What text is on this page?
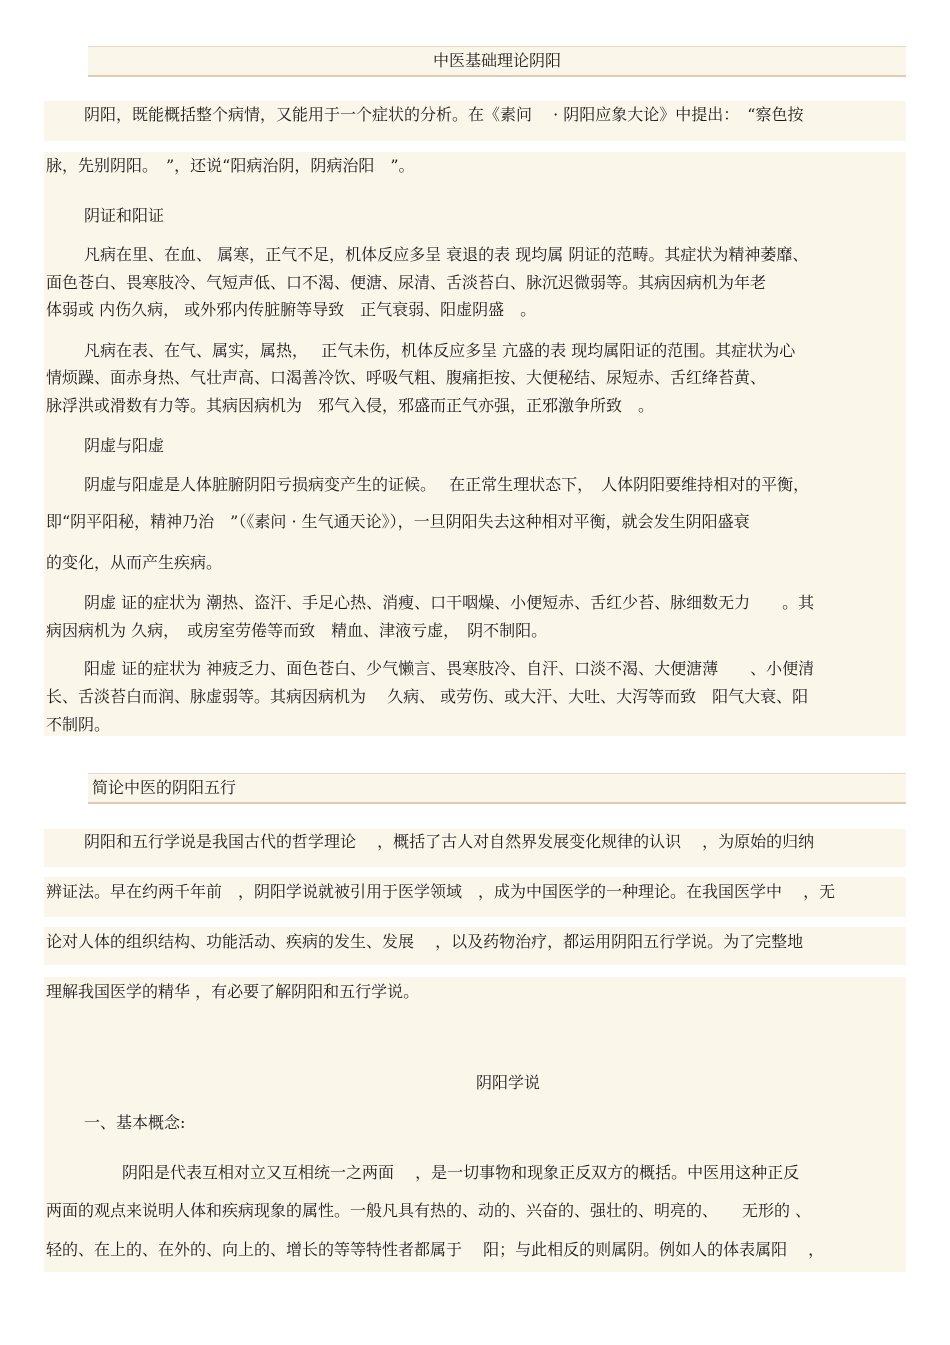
中医基础理论阴阳
阴阳，既能概括整个病情，又能用于一个症状的分析。在《素问　 · 阴阳应象大论》中提出：　“察色按
脉，先别阴阳。　”，还说“阳病治阴，阴病治阳　”。
阴证和阳证
凡病在里、在血、 属寒，正气不足，机体反应多呈 衰退的表 现均属 阴证的范畴。其症状为精神萎靡、
面色苍白、畏寒肢冷、气短声低、口不渴、便溏、尿清、舌淡苔白、脉沉迟微弱等。其病因病机为年老
体弱或 内伤久病， 或外邪内传脏腑等导致　正气衰弱、阳虚阴盛　。
凡病在表、在气、属实，属热，　 正气未伤，机体反应多呈 亢盛的表 现均属阳证的范围。其症状为心
情烦躁、面赤身热、气壮声高、口渴善冷饮、呼吸气粗、腹痛拒按、大便秘结、尿短赤、舌红绛苔黄、
脉浮洪或滑数有力等。其病因病机为　邪气入侵，邪盛而正气亦强，正邪激争所致　。
阴虚与阳虚
阴虚与阳虚是人体脏腑阴阳亏损病变产生的证候。　 在正常生理状态下，　人体阴阳要维持相对的平衡，
即“阴平阳秘，精神乃治　”（《素问 · 生气通天论》），一旦阴阳失去这种相对平衡，就会发生阴阳盛衰
的变化，从而产生疾病。
阴虚 证的症状为 潮热、盗汗、手足心热、消瘦、口干咽燥、小便短赤、舌红少苔、脉细数无力　　。其
病因病机为 久病，　或房室劳倦等而致　精血、津液亏虚，　阴不制阳。
阳虚 证的症状为 神疲乏力、面色苍白、少气懒言、畏寒肢冷、自汗、口淡不渴、大便溏薄　　、小便清
长、舌淡苔白而润、脉虚弱等。其病因病机为　 久病、 或劳伤、或大汗、大吐、大泻等而致　阳气大衰、阳
不制阴。
简论中医的阴阳五行
阴阳和五行学说是我国古代的哲学理论　 ，概括了古人对自然界发展变化规律的认识　 ，为原始的归纳
辨证法。早在约两千年前　，阴阳学说就被引用于医学领域　，成为中国医学的一种理论。在我国医学中　 ，无
论对人体的组织结构、功能活动、疾病的发生、发展　 ，以及药物治疗，都运用阴阳五行学说。为了完整地
理解我国医学的精华 ，有必要了解阴阳和五行学说。
阴阳学说
一、基本概念:
阴阳是代表互相对立又互相统一之两面　 ，是一切事物和现象正反双方的概括。中医用这种正反
两面的观点来说明人体和疾病现象的属性。一般凡具有热的、动的、兴奋的、强壮的、明亮的、　　无形的 、
轻的、在上的、在外的、向上的、增长的等等特性者都属于　 阳；与此相反的则属阴。例如人的体表属阳　 ，
